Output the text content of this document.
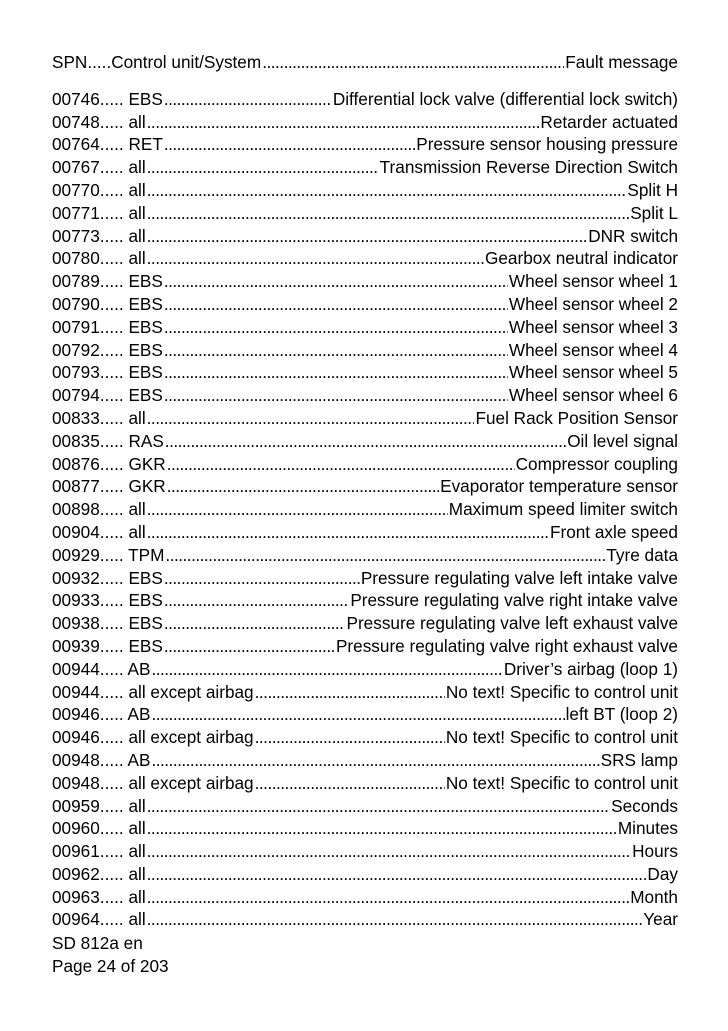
SPN.....Control unit/System .....	Fault message
00746..... EBS .....	Differential lock valve (differential lock switch)
00748..... all .....	Retarder actuated
00764..... RET .....	Pressure sensor housing pressure
00767..... all .....	Transmission Reverse Direction Switch
00770..... all .....	Split H
00771..... all .....	Split L
00773..... all .....	DNR switch
00780..... all .....	Gearbox neutral indicator
00789..... EBS .....	Wheel sensor wheel 1
00790..... EBS .....	Wheel sensor wheel 2
00791..... EBS .....	Wheel sensor wheel 3
00792..... EBS .....	Wheel sensor wheel 4
00793..... EBS .....	Wheel sensor wheel 5
00794..... EBS .....	Wheel sensor wheel 6
00833..... all .....	Fuel Rack Position Sensor
00835..... RAS .....	Oil level signal
00876..... GKR .....	Compressor coupling
00877..... GKR .....	Evaporator temperature sensor
00898..... all .....	Maximum speed limiter switch
00904..... all .....	Front axle speed
00929..... TPM .....	Tyre data
00932..... EBS .....	Pressure regulating valve left intake valve
00933..... EBS .....	Pressure regulating valve right intake valve
00938..... EBS .....	Pressure regulating valve left exhaust valve
00939..... EBS .....	Pressure regulating valve right exhaust valve
00944..... AB .....	Driver’s airbag (loop 1)
00944..... all except airbag .....	No text! Specific to control unit
00946..... AB .....	left BT (loop 2)
00946..... all except airbag .....	No text! Specific to control unit
00948..... AB .....	SRS lamp
00948..... all except airbag .....	No text! Specific to control unit
00959..... all .....	Seconds
00960..... all .....	Minutes
00961..... all .....	Hours
00962..... all .....	Day
00963..... all .....	Month
00964..... all .....	Year
SD 812a en
Page 24 of 203
